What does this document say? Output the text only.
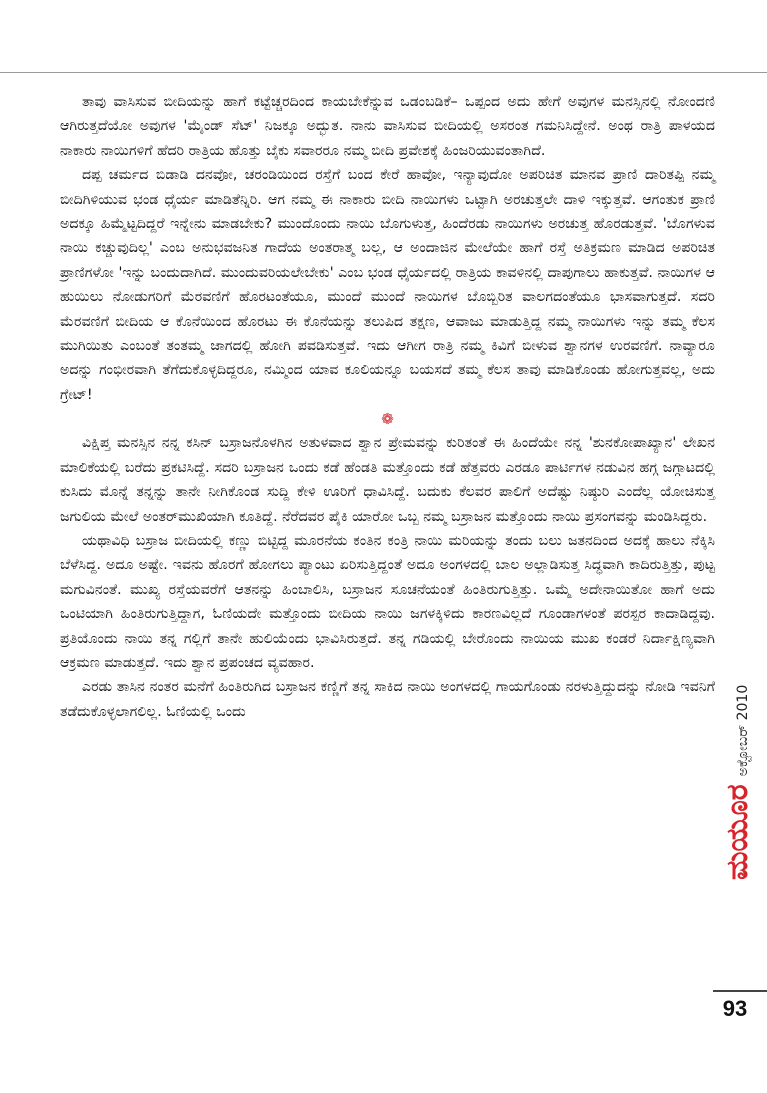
ತಾವು ವಾಸಿಸುವ ಬೀದಿಯನ್ನು ಹಾಗೆ ಕಟ್ಟೆಚ್ಚರದಿಂದ ಕಾಯಬೇಕೆನ್ನುವ ಒಡಂಬಡಿಕೆ– ಒಪ್ಪಂದ ಅದು ಹೇಗೆ ಅವುಗಳ ಮನಸ್ಸಿನಲ್ಲಿ ನೋಂದಣಿ ಆಗಿರುತ್ತದೆಯೋ ಅವುಗಳ 'ಮೈಂಡ್ ಸೆಟ್' ನಿಜಕ್ಕೂ ಅದ್ಭುತ. ನಾನು ವಾಸಿಸುವ ಬೀದಿಯಲ್ಲಿ ಅಸರಂತ ಗಮನಿಸಿದ್ದೇನೆ. ಅಂಥ ರಾತ್ರಿ ಪಾಳಯದ ನಾಕಾರು ನಾಯಿಗಳಿಗೆ ಹೆದರಿ ರಾತ್ರಿಯ ಹೊತ್ತು ಬೈಕು ಸವಾರರೂ ನಮ್ಮ ಬೀದಿ ಪ್ರವೇಶಕ್ಕೆ ಹಿಂಜರಿಯುವಂತಾಗಿದೆ.

ದಪ್ಪ ಚರ್ಮದ ಬಿಡಾಡಿ ದನವೋ, ಚರಂಡಿಯಿಂದ ರಸ್ತೆಗೆ ಬಂದ ಕೇರೆ ಹಾವೋ, ಇನ್ಯಾವುದೋ ಅಪರಿಚಿತ ಮಾನವ ಪ್ರಾಣಿ ದಾರಿತಪ್ಪಿ ನಮ್ಮ ಬೀದಿಗಿಳಿಯುವ ಭಂಡ ಧೈರ್ಯ ಮಾಡಿತೆನ್ನಿರಿ. ಆಗ ನಮ್ಮ ಈ ನಾಕಾರು ಬೀದಿ ನಾಯಿಗಳು ಒಟ್ಟಾಗಿ ಅರಚುತ್ತಲೇ ದಾಳಿ ಇಕ್ಕುತ್ತವೆ. ಆಗಂತುಕ ಪ್ರಾಣಿ ಅದಕ್ಕೂ ಹಿಮ್ಮೆಟ್ಟದಿದ್ದರೆ ಇನ್ನೇನು ಮಾಡಬೇಕು? ಮುಂದೊಂದು ನಾಯಿ ಬೊಗುಳುತ್ತ, ಹಿಂದೆರಡು ನಾಯಿಗಳು ಅರಚುತ್ತ ಹೊರಡುತ್ತವೆ. 'ಬೊಗಳುವ ನಾಯಿ ಕಚ್ಚುವುದಿಲ್ಲ' ಎಂಬ ಅನುಭವಜನಿತ ಗಾದೆಯ ಅಂತರಾತ್ಮ ಬಲ್ಲ, ಆ ಅಂದಾಜಿನ ಮೇಲೆಯೇ ಹಾಗೆ ರಸ್ತೆ ಅತಿಕ್ರಮಣ ಮಾಡಿದ ಅಪರಿಚಿತ ಪ್ರಾಣಿಗಳೋ 'ಇನ್ನು ಬಂದುದಾಗಿದೆ. ಮುಂದುವರಿಯಲೇಬೇಕು' ಎಂಬ ಭಂಡ ಧೈರ್ಯದಲ್ಲಿ ರಾತ್ರಿಯ ಕಾವಳಿನಲ್ಲಿ ದಾಪುಗಾಲು ಹಾಕುತ್ತವೆ. ನಾಯಿಗಳ ಆ ಹುಯಿಲು ನೋಡುಗರಿಗೆ ಮೆರವಣಿಗೆ ಹೊರಟಂತೆಯೂ, ಮುಂದೆ ಮುಂದೆ ನಾಯಿಗಳ ಬೊಬ್ಬಿರಿತ ವಾಲಗದಂತೆಯೂ ಭಾಸವಾಗುತ್ತದೆ. ಸದರಿ ಮೆರವಣಿಗೆ ಬೀದಿಯ ಆ ಕೊನೆಯಿಂದ ಹೊರಟು ಈ ಕೊನೆಯನ್ನು ತಲುಪಿದ ತಕ್ಷಣ, ಆವಾಜು ಮಾಡುತ್ತಿದ್ದ ನಮ್ಮ ನಾಯಿಗಳು ಇನ್ನು ತಮ್ಮ ಕೆಲಸ ಮುಗಿಯಿತು ಎಂಬಂತೆ ತಂತಮ್ಮ ಜಾಗದಲ್ಲಿ ಹೋಗಿ ಪವಡಿಸುತ್ತವೆ. ಇದು ಆಗೀಗ ರಾತ್ರಿ ನಮ್ಮ ಕಿವಿಗೆ ಬೀಳುವ ಶ್ವಾನಗಳ ಉರವಣಿಗೆ. ನಾವ್ಯಾರೂ ಅದನ್ನು ಗಂಭೀರವಾಗಿ ತೆಗೆದುಕೊಳ್ಳದಿದ್ದರೂ, ನಮ್ಮಿಂದ ಯಾವ ಕೂಲಿಯನ್ನೂ ಬಯಸದೆ ತಮ್ಮ ಕೆಲಸ ತಾವು ಮಾಡಿಕೊಂಡು ಹೋಗುತ್ತವಲ್ಲ, ಅದು ಗ್ರೇಟ್!

❁

ವಿಕ್ಷಿಪ್ತ ಮನಸ್ಸಿನ ನನ್ನ ಕಸಿನ್ ಬಸ್ರಾಜನೊಳಗಿನ ಅತುಳವಾದ ಶ್ವಾನ ಪ್ರೇಮವನ್ನು ಕುರಿತಂತೆ ಈ ಹಿಂದೆಯೇ ನನ್ನ 'ಶುನಕೋಪಾಖ್ಯಾನ' ಲೇಖನ ಮಾಲಿಕೆಯಲ್ಲಿ ಬರೆದು ಪ್ರಕಟಿಸಿದ್ದೆ. ಸದರಿ ಬಸ್ರಾಜನ ಒಂದು ಕಡೆ ಹೆಂಡತಿ ಮತ್ತೊಂದು ಕಡೆ ಹೆತ್ತವರು ಎರಡೂ ಪಾರ್ಟಿಗಳ ನಡುವಿನ ಹಗ್ಗ ಜಗ್ಗಾಟದಲ್ಲಿ ಕುಸಿದು ಮೊನ್ನೆ ತನ್ನನ್ನು ತಾನೇ ನೀಗಿಕೊಂಡ ಸುದ್ದಿ ಕೇಳಿ ಊರಿಗೆ ಧಾವಿಸಿದ್ದೆ. ಬದುಕು ಕೆಲವರ ಪಾಲಿಗೆ ಅದೆಷ್ಟು ನಿಷ್ಠುರಿ ಎಂದೆಲ್ಲ ಯೋಚಿಸುತ್ತ ಜಗುಲಿಯ ಮೇಲೆ ಅಂತರ್‌ಮುಖಿಯಾಗಿ ಕೂತಿದ್ದೆ. ನೆರೆದವರ ಪೈಕಿ ಯಾರೋ ಒಬ್ಬ ನಮ್ಮ ಬಸ್ರಾಜನ ಮತ್ತೊಂದು ನಾಯಿ ಪ್ರಸಂಗವನ್ನು ಮಂಡಿಸಿದ್ದರು.

ಯಥಾವಿಧಿ ಬಸ್ರಾಜ ಬೀದಿಯಲ್ಲಿ ಕಣ್ಣು ಬಿಟ್ಟಿದ್ದ ಮೂರನೆಯ ಕಂತಿನ ಕಂತ್ರಿ ನಾಯಿ ಮರಿಯನ್ನು ತಂದು ಬಲು ಜತನದಿಂದ ಅದಕ್ಕೆ ಹಾಲು ನೆಕ್ಕಿಸಿ ಬೆಳೆಸಿದ್ದ. ಅದೂ ಅಷ್ಟೇ. ಇವನು ಹೊರಗೆ ಹೋಗಲು ಪ್ಯಾಂಟು ಏರಿಸುತ್ತಿದ್ದಂತೆ ಅದೂ ಅಂಗಳದಲ್ಲಿ ಬಾಲ ಅಲ್ಲಾಡಿಸುತ್ತ ಸಿದ್ಧವಾಗಿ ಕಾದಿರುತ್ತಿತ್ತು, ಪುಟ್ಟ ಮಗುವಿನಂತೆ. ಮುಖ್ಯ ರಸ್ತೆಯವರೆಗೆ ಆತನನ್ನು ಹಿಂಬಾಲಿಸಿ, ಬಸ್ರಾಜನ ಸೂಚನೆಯಂತೆ ಹಿಂತಿರುಗುತ್ತಿತ್ತು. ಒಮ್ಮೆ ಅದೇನಾಯಿತೋ ಹಾಗೆ ಅದು ಒಂಟಿಯಾಗಿ ಹಿಂತಿರುಗುತ್ತಿದ್ದಾಗ, ಓಣಿಯದೇ ಮತ್ತೊಂದು ಬೀದಿಯ ನಾಯಿ ಜಗಳಕ್ಕಿಳಿದು ಕಾರಣವಿಲ್ಲದೆ ಗೂಂಡಾಗಳಂತೆ ಪರಸ್ಪರ ಕಾದಾಡಿದ್ದವು. ಪ್ರತಿಯೊಂದು ನಾಯಿ ತನ್ನ ಗಲ್ಲಿಗೆ ತಾನೇ ಹುಲಿಯೆಂದು ಭಾವಿಸಿರುತ್ತದೆ. ತನ್ನ ಗಡಿಯಲ್ಲಿ ಬೇರೊಂದು ನಾಯಿಯ ಮುಖ ಕಂಡರೆ ನಿರ್ದಾಕ್ಷಿಣ್ಯವಾಗಿ ಆಕ್ರಮಣ ಮಾಡುತ್ತದೆ. ಇದು ಶ್ವಾನ ಪ್ರಪಂಚದ ವ್ಯವಹಾರ.

ಎರಡು ತಾಸಿನ ನಂತರ ಮನೆಗೆ ಹಿಂತಿರುಗಿದ ಬಸ್ರಾಜನ ಕಣ್ಣಿಗೆ ತನ್ನ ಸಾಕಿದ ನಾಯಿ ಅಂಗಳದಲ್ಲಿ ಗಾಯಗೊಂಡು ನರಳುತ್ತಿದ್ದುದನ್ನು ನೋಡಿ ಇವನಿಗೆ ತಡೆದುಕೊಳ್ಳಲಾಗಲಿಲ್ಲ. ಓಣಿಯಲ್ಲಿ ಒಂದು

ಮಯೂರ
ಅಕ್ಟೋಬರ್ 2010
93
